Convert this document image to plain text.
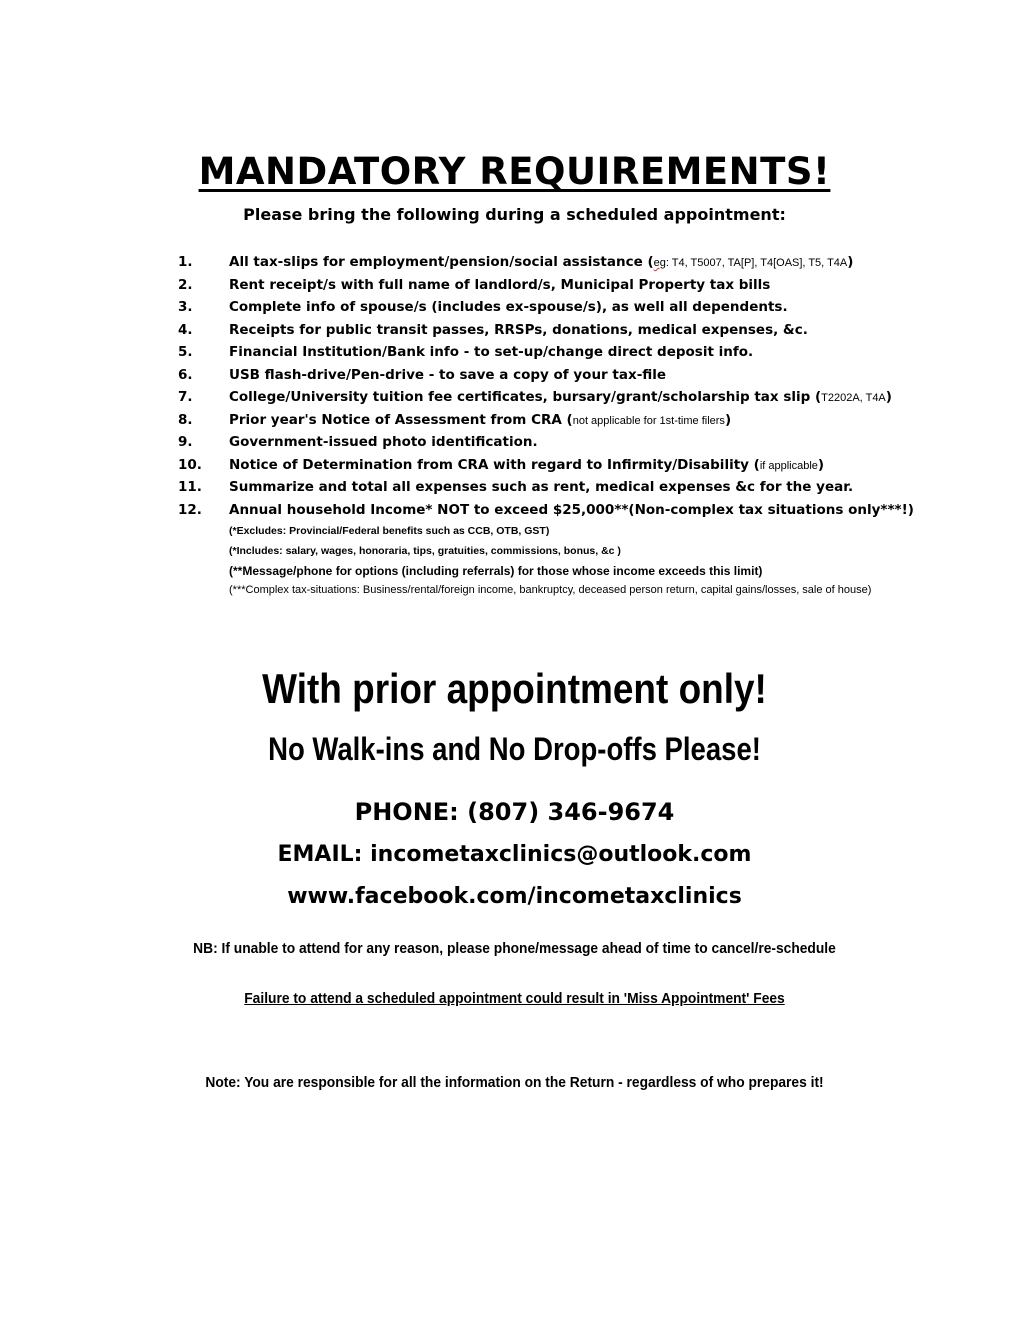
MANDATORY REQUIREMENTS!
Please bring the following during a scheduled appointment:
1.	All tax-slips for employment/pension/social assistance (eg: T4, T5007, TA[P], T4[OAS], T5, T4A)
2.	Rent receipt/s with full name of landlord/s, Municipal Property tax bills
3.	Complete info of spouse/s (includes ex-spouse/s), as well all dependents.
4.	Receipts for public transit passes, RRSPs, donations, medical expenses, &c.
5.	Financial Institution/Bank info - to set-up/change direct deposit info.
6.	USB flash-drive/Pen-drive - to save a copy of your tax-file
7.	College/University tuition fee certificates, bursary/grant/scholarship tax slip (T2202A, T4A)
8.	Prior year's Notice of Assessment from CRA (not applicable for 1st-time filers)
9.	Government-issued photo identification.
10. Notice of Determination from CRA with regard to Infirmity/Disability (if applicable)
11. Summarize and total all expenses such as rent, medical expenses &c for the year.
12. Annual household Income* NOT to exceed $25,000**(Non-complex tax situations only***!)
(*Excludes: Provincial/Federal benefits such as CCB, OTB, GST)
(*Includes: salary, wages, honoraria, tips, gratuities, commissions, bonus, &c )
(**Message/phone for options (including referrals) for those whose income exceeds this limit)
(***Complex tax-situations: Business/rental/foreign income, bankruptcy, deceased person return, capital gains/losses, sale of house)
With prior appointment only!
No Walk-ins and No Drop-offs Please!
PHONE: (807) 346-9674
EMAIL: incometaxclinics@outlook.com
www.facebook.com/incometaxclinics
NB: If unable to attend for any reason, please phone/message ahead of time to cancel/re-schedule
Failure to attend a scheduled appointment could result in 'Miss Appointment' Fees
Note: You are responsible for all the information on the Return - regardless of who prepares it!
